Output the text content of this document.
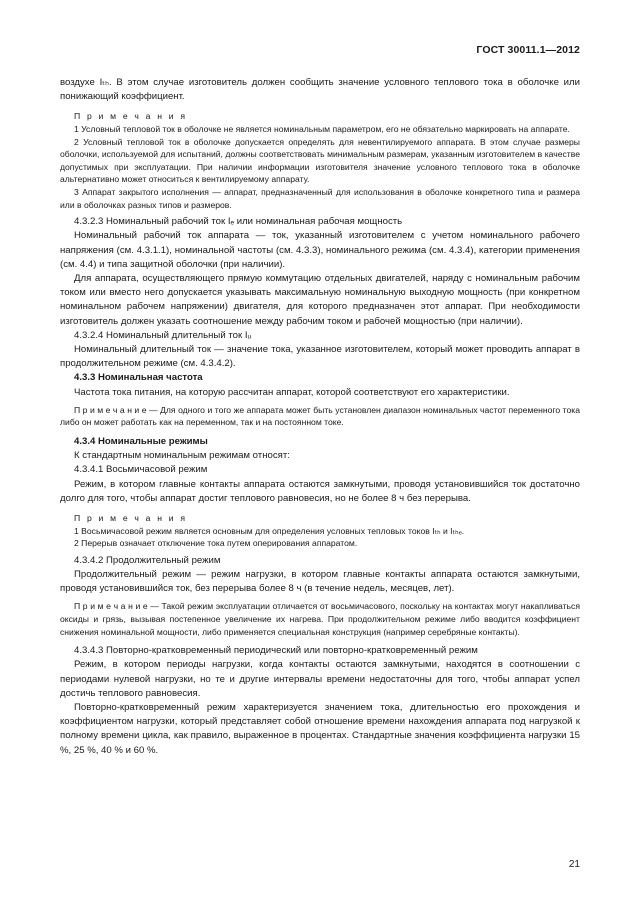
ГОСТ 30011.1—2012

воздухе Iₜₕ. В этом случае изготовитель должен сообщить значение условного теплового тока в оболочке или понижающий коэффициент.

П р и м е ч а н и я

1 Условный тепловой ток в оболочке не является номинальным параметром, его не обязательно маркировать на аппарате.

2 Условный тепловой ток в оболочке допускается определять для невентилируемого аппарата. В этом случае размеры оболочки, используемой для испытаний, должны соответствовать минимальным размерам, указанным изготовителем в качестве допустимых при эксплуатации. При наличии информации изготовителя значение условного теплового тока в оболочке альтернативно может относиться к вентилируемому аппарату.

3 Аппарат закрытого исполнения — аппарат, предназначенный для использования в оболочке конкретного типа и размера или в оболочках разных типов и размеров.

4.3.2.3 Номинальный рабочий ток Iₑ или номинальная рабочая мощность

Номинальный рабочий ток аппарата — ток, указанный изготовителем с учетом номинального рабочего напряжения (см. 4.3.1.1), номинальной частоты (см. 4.3.3), номинального режима (см. 4.3.4), категории применения (см. 4.4) и типа защитной оболочки (при наличии).

Для аппарата, осуществляющего прямую коммутацию отдельных двигателей, наряду с номинальным рабочим током или вместо него допускается указывать максимальную номинальную выходную мощность (при конкретном номинальном рабочем напряжении) двигателя, для которого предназначен этот аппарат. При необходимости изготовитель должен указать соотношение между рабочим током и рабочей мощностью (при наличии).

4.3.2.4 Номинальный длительный ток Iᵤ

Номинальный длительный ток — значение тока, указанное изготовителем, который может проводить аппарат в продолжительном режиме (см. 4.3.4.2).

4.3.3 Номинальная частота

Частота тока питания, на которую рассчитан аппарат, которой соответствуют его характеристики.

П р и м е ч а н и е — Для одного и того же аппарата может быть установлен диапазон номинальных частот переменного тока либо он может работать как на переменном, так и на постоянном токе.

4.3.4 Номинальные режимы

К стандартным номинальным режимам относят:

4.3.4.1 Восьмичасовой режим

Режим, в котором главные контакты аппарата остаются замкнутыми, проводя установившийся ток достаточно долго для того, чтобы аппарат достиг теплового равновесия, но не более 8 ч без перерыва.

П р и м е ч а н и я

1 Восьмичасовой режим является основным для определения условных тепловых токов Iₜₕ и Iₜₕₑ.

2 Перерыв означает отключение тока путем оперирования аппаратом.

4.3.4.2 Продолжительный режим

Продолжительный режим — режим нагрузки, в котором главные контакты аппарата остаются замкнутыми, проводя установившийся ток, без перерыва более 8 ч (в течение недель, месяцев, лет).

П р и м е ч а н и е — Такой режим эксплуатации отличается от восьмичасового, поскольку на контактах могут накапливаться оксиды и грязь, вызывая постепенное увеличение их нагрева. При продолжительном режиме либо вводится коэффициент снижения номинальной мощности, либо применяется специальная конструкция (например серебряные контакты).

4.3.4.3 Повторно-кратковременный периодический или повторно-кратковременный режим

Режим, в котором периоды нагрузки, когда контакты остаются замкнутыми, находятся в соотношении с периодами нулевой нагрузки, но те и другие интервалы времени недостаточны для того, чтобы аппарат успел достичь теплового равновесия.

Повторно-кратковременный режим характеризуется значением тока, длительностью его прохождения и коэффициентом нагрузки, который представляет собой отношение времени нахождения аппарата под нагрузкой к полному времени цикла, как правило, выраженное в процентах. Стандартные значения коэффициента нагрузки 15 %, 25 %, 40 % и 60 %.

21
